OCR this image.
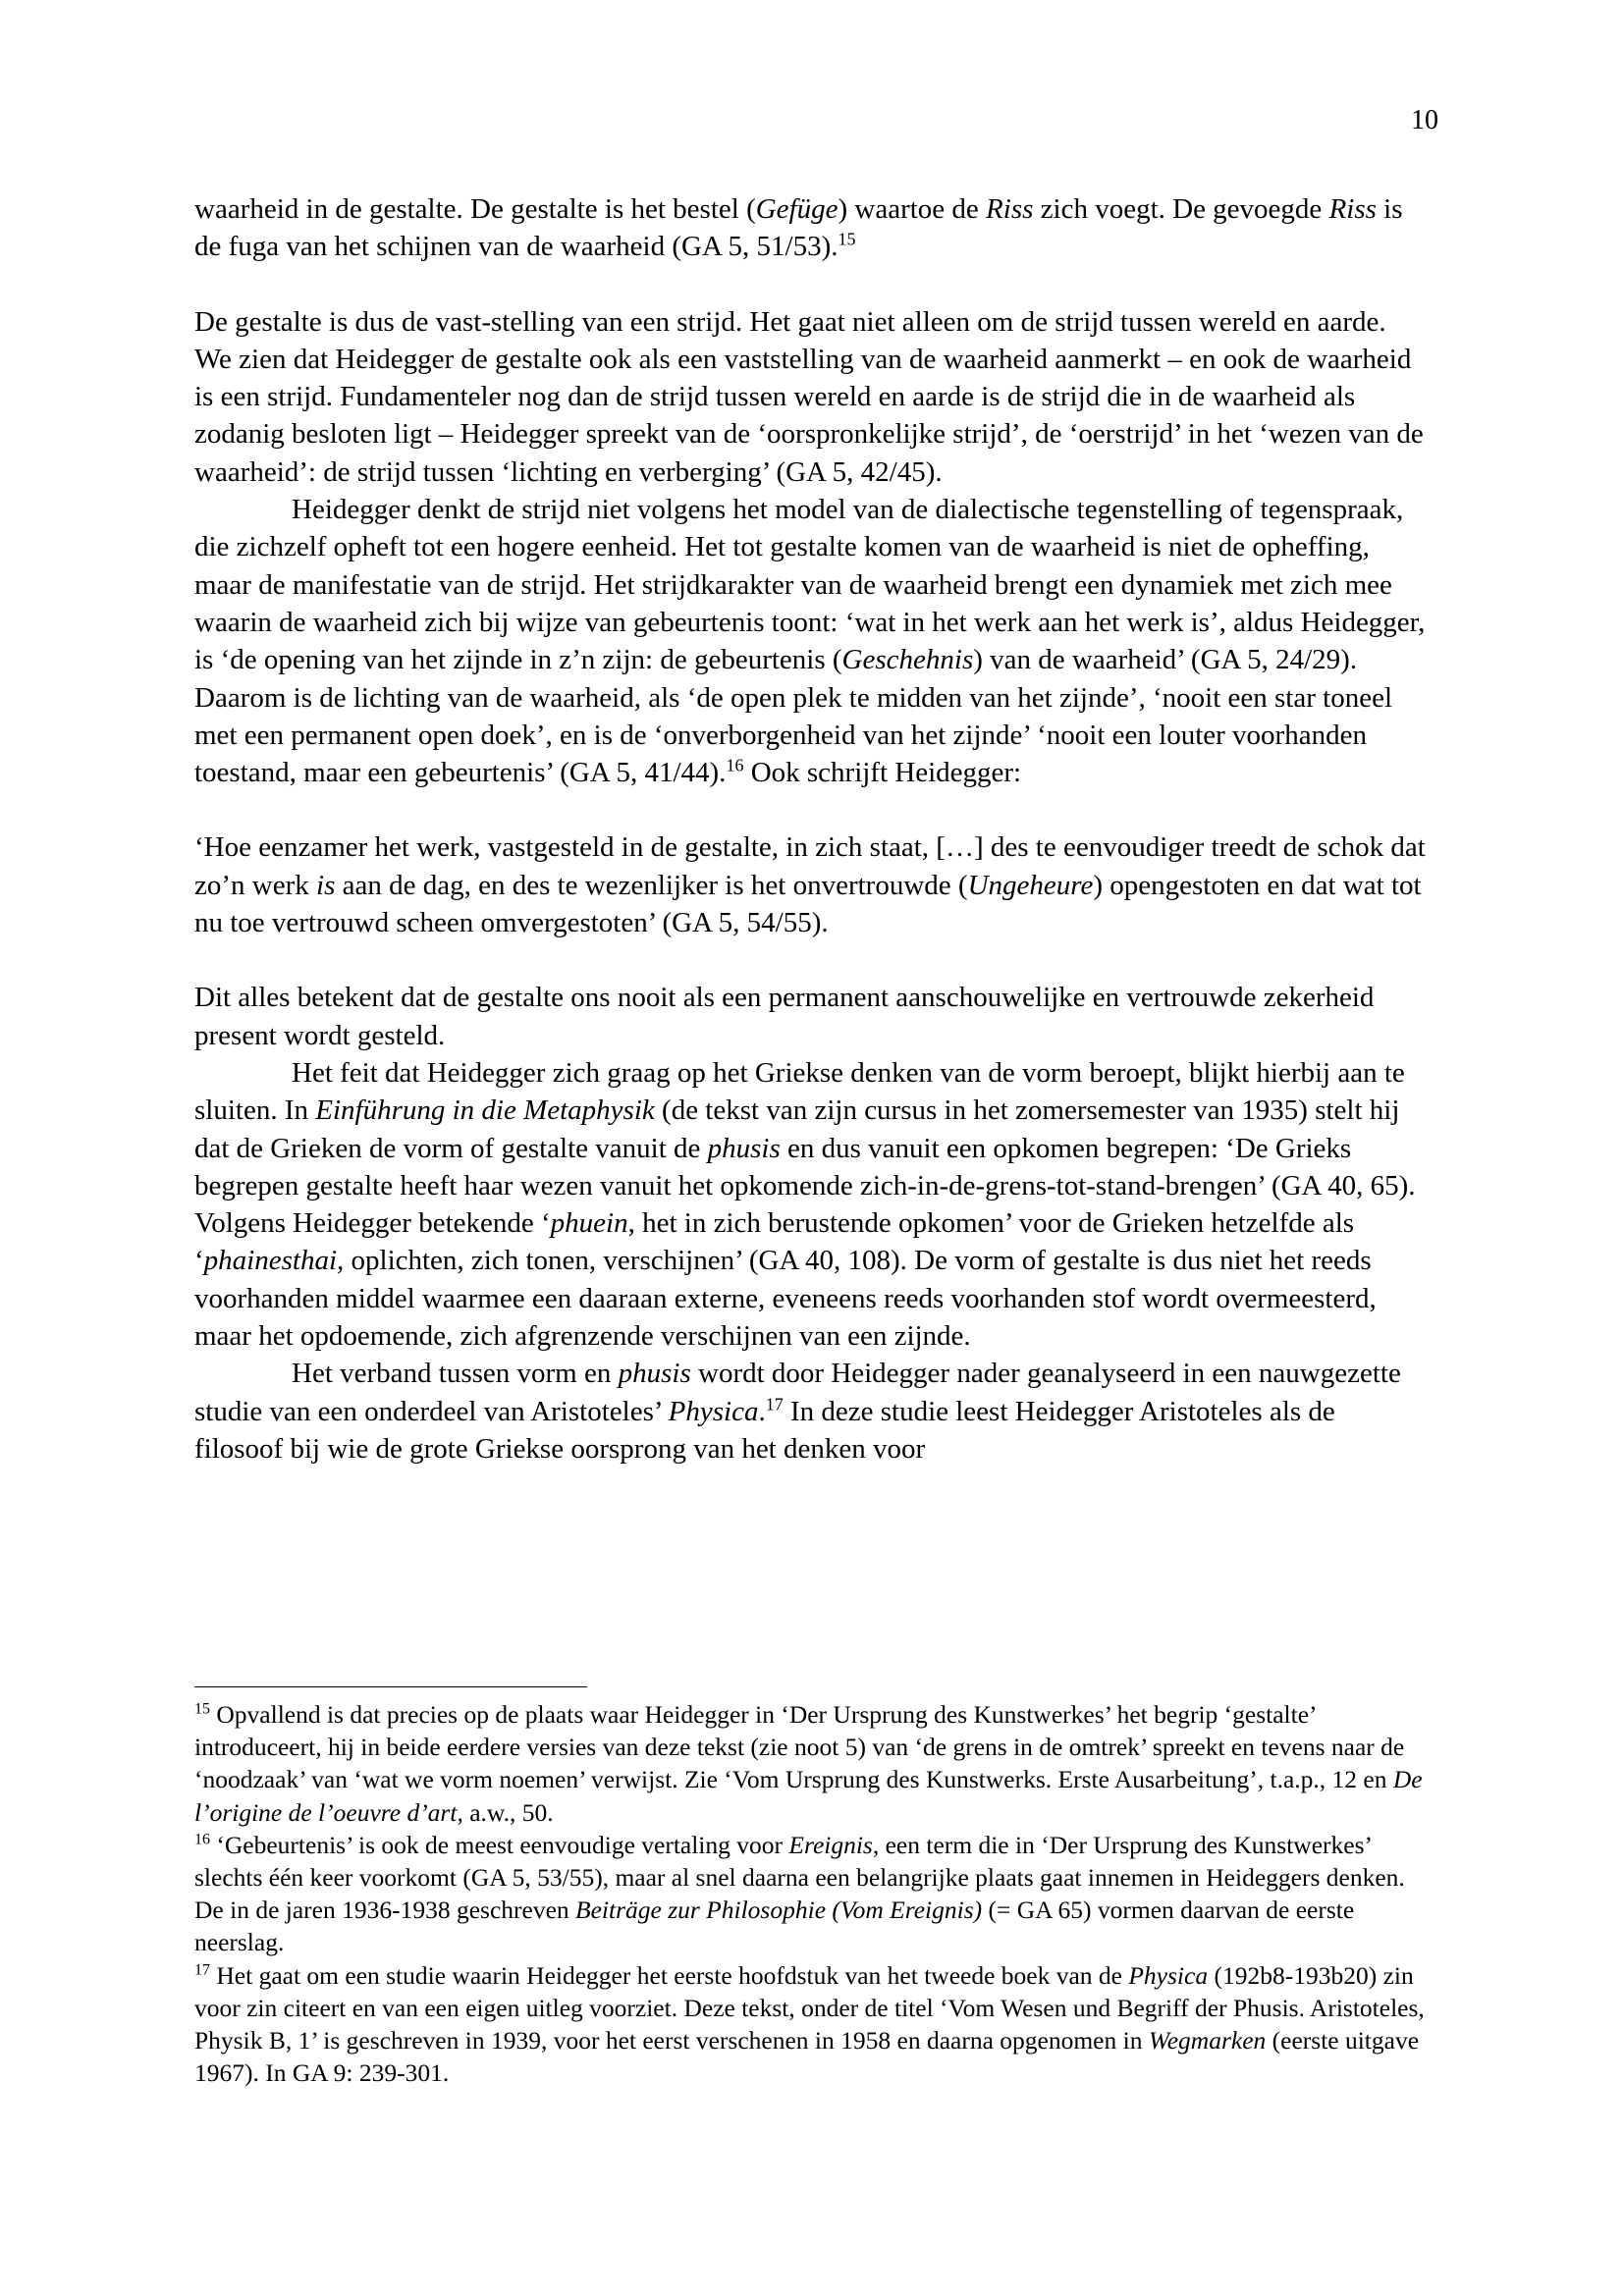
10

waarheid in de gestalte. De gestalte is het bestel (Gefüge) waartoe de Riss zich voegt. De gevoegde Riss is de fuga van het schijnen van de waarheid (GA 5, 51/53).$^{15}$

De gestalte is dus de vast-stelling van een strijd. Het gaat niet alleen om de strijd tussen wereld en aarde. We zien dat Heidegger de gestalte ook als een vaststelling van de waarheid aanmerkt – en ook de waarheid is een strijd. Fundamenteler nog dan de strijd tussen wereld en aarde is de strijd die in de waarheid als zodanig besloten ligt – Heidegger spreekt van de ‘oorspronkelijke strijd’, de ‘oerstrijd’ in het ‘wezen van de waarheid’: de strijd tussen ‘lichting en verberging’ (GA 5, 42/45).

Heidegger denkt de strijd niet volgens het model van de dialectische tegenstelling of tegenspraak, die zichzelf opheft tot een hogere eenheid. Het tot gestalte komen van de waarheid is niet de opheffing, maar de manifestatie van de strijd. Het strijdkarakter van de waarheid brengt een dynamiek met zich mee waarin de waarheid zich bij wijze van gebeurtenis toont: ‘wat in het werk aan het werk is’, aldus Heidegger, is ‘de opening van het zijnde in z’n zijn: de gebeurtenis (Geschehnis) van de waarheid’ (GA 5, 24/29). Daarom is de lichting van de waarheid, als ‘de open plek te midden van het zijnde’, ‘nooit een star toneel met een permanent open doek’, en is de ‘onverborgenheid van het zijnde’ ‘nooit een louter voorhanden toestand, maar een gebeurtenis’ (GA 5, 41/44).$^{16}$ Ook schrijft Heidegger:

‘Hoe eenzamer het werk, vastgesteld in de gestalte, in zich staat, […] des te eenvoudiger treedt de schok dat zo’n werk is aan de dag, en des te wezenlijker is het onvertrouwde (Ungeheure) opengestoten en dat wat tot nu toe vertrouwd scheen omvergestoten’ (GA 5, 54/55).

Dit alles betekent dat de gestalte ons nooit als een permanent aanschouwelijke en vertrouwde zekerheid present wordt gesteld.

Het feit dat Heidegger zich graag op het Griekse denken van de vorm beroept, blijkt hierbij aan te sluiten. In Einführung in die Metaphysik (de tekst van zijn cursus in het zomersemester van 1935) stelt hij dat de Grieken de vorm of gestalte vanuit de phusis en dus vanuit een opkomen begrepen: ‘De Grieks begrepen gestalte heeft haar wezen vanuit het opkomende zich-in-de-grens-tot-stand-brengen’ (GA 40, 65). Volgens Heidegger betekende ‘phuein, het in zich berustende opkomen’ voor de Grieken hetzelfde als ‘phainesthai, oplichten, zich tonen, verschijnen’ (GA 40, 108). De vorm of gestalte is dus niet het reeds voorhanden middel waarmee een daaraan externe, eveneens reeds voorhanden stof wordt overmeesterd, maar het opdoemende, zich afgrenzende verschijnen van een zijnde.

Het verband tussen vorm en phusis wordt door Heidegger nader geanalyseerd in een nauwgezette studie van een onderdeel van Aristoteles’ Physica.$^{17}$ In deze studie leest Heidegger Aristoteles als de filosoof bij wie de grote Griekse oorsprong van het denken voor

$^{15}$ Opvallend is dat precies op de plaats waar Heidegger in ‘Der Ursprung des Kunstwerkes’ het begrip ‘gestalte’ introduceert, hij in beide eerdere versies van deze tekst (zie noot 5) van ‘de grens in de omtrek’ spreekt en tevens naar de ‘noodzaak’ van ‘wat we vorm noemen’ verwijst. Zie ‘Vom Ursprung des Kunstwerks. Erste Ausarbeitung’, t.a.p., 12 en De l’origine de l’oeuvre d’art, a.w., 50.

$^{16}$ ‘Gebeurtenis’ is ook de meest eenvoudige vertaling voor Ereignis, een term die in ‘Der Ursprung des Kunstwerkes’ slechts één keer voorkomt (GA 5, 53/55), maar al snel daarna een belangrijke plaats gaat innemen in Heideggers denken. De in de jaren 1936-1938 geschreven Beiträge zur Philosophie (Vom Ereignis) (= GA 65) vormen daarvan de eerste neerslag.

$^{17}$ Het gaat om een studie waarin Heidegger het eerste hoofdstuk van het tweede boek van de Physica (192b8-193b20) zin voor zin citeert en van een eigen uitleg voorziet. Deze tekst, onder de titel ‘Vom Wesen und Begriff der Phusis. Aristoteles, Physik B, 1’ is geschreven in 1939, voor het eerst verschenen in 1958 en daarna opgenomen in Wegmarken (eerste uitgave 1967). In GA 9: 239-301.
